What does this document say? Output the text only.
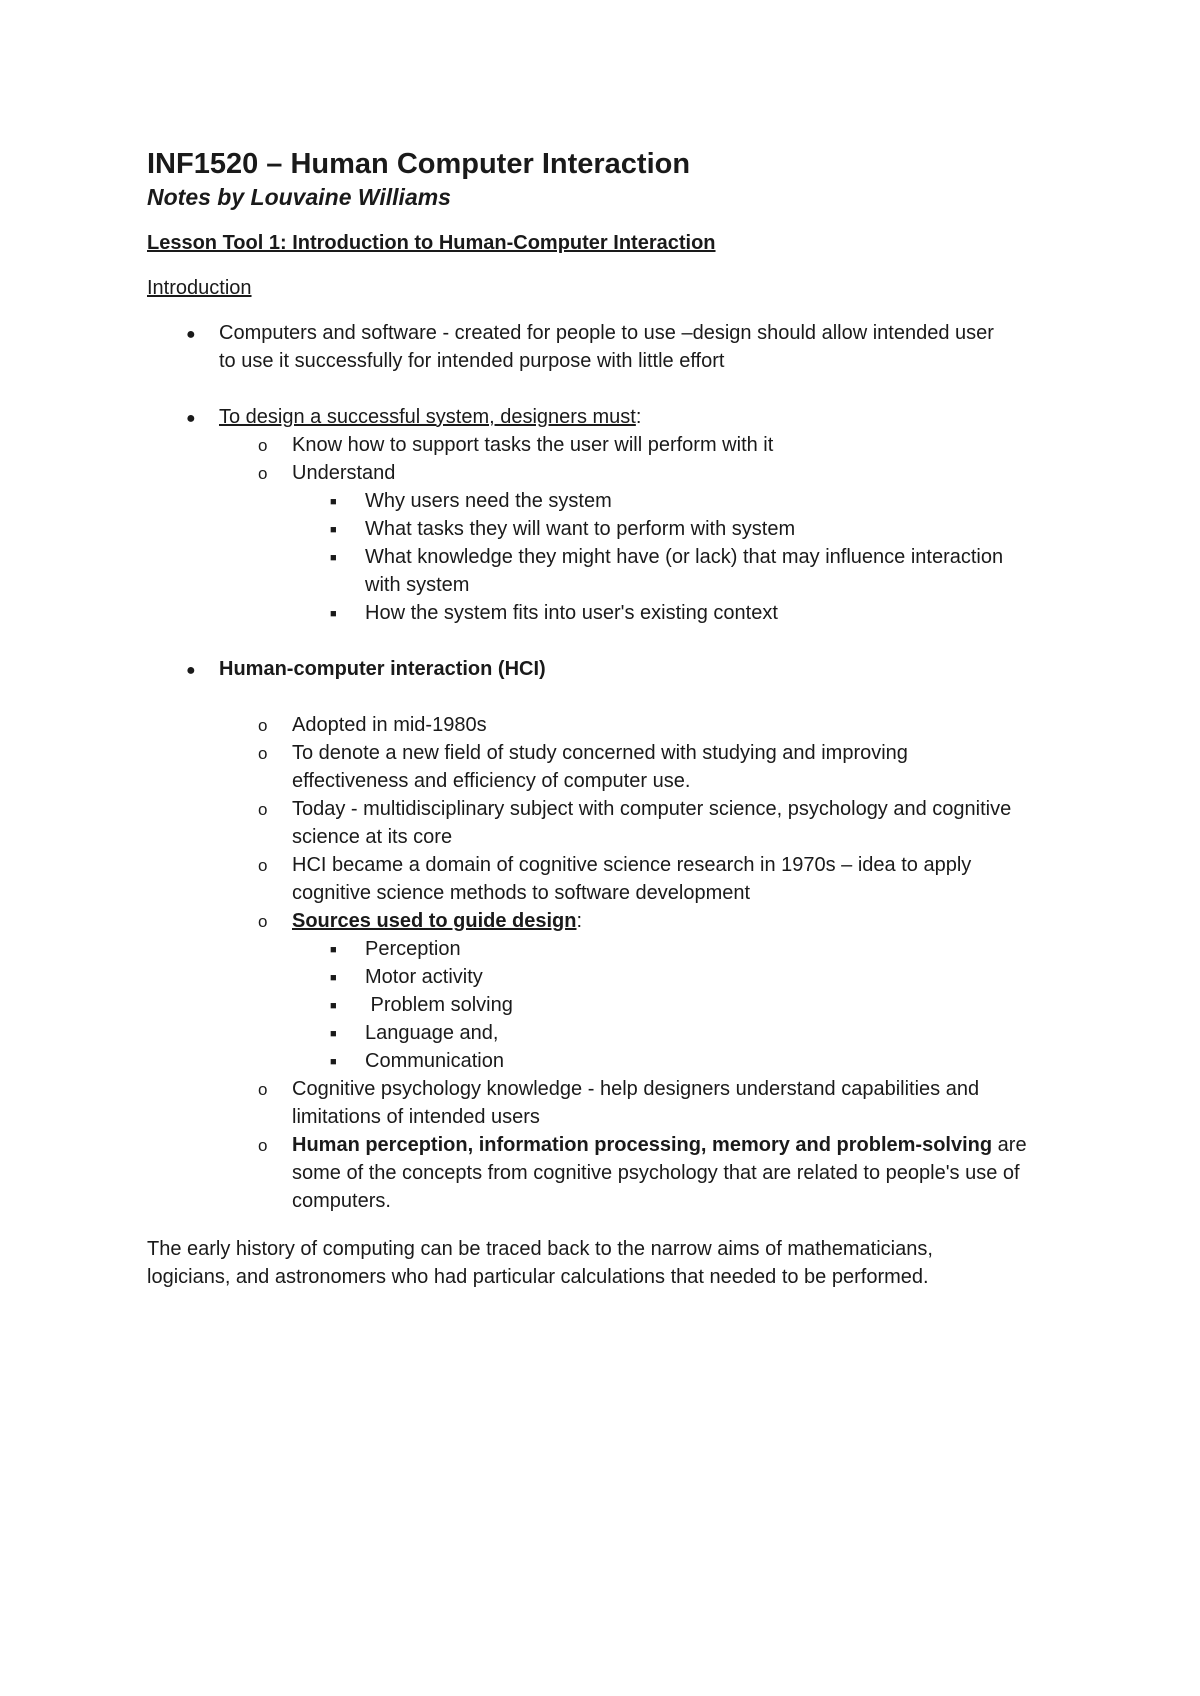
INF1520 – Human Computer Interaction
Notes by Louvaine Williams
Lesson Tool 1: Introduction to Human-Computer Interaction
Introduction
● Computers and software - created for people to use –design should allow intended user
to use it successfully for intended purpose with little effort
● To design a successful system, designers must:
o Know how to support tasks the user will perform with it
o Understand
■ Why users need the system
■ What tasks they will want to perform with system
■ What knowledge they might have (or lack) that may influence interaction
with system
■ How the system fits into user's existing context
● Human-computer interaction (HCI)
o Adopted in mid-1980s
o To denote a new field of study concerned with studying and improving
effectiveness and efficiency of computer use.
o Today - multidisciplinary subject with computer science, psychology and cognitive
science at its core
o HCI became a domain of cognitive science research in 1970s – idea to apply
cognitive science methods to software development
o Sources used to guide design:
■ Perception
■ Motor activity
■ Problem solving
■ Language and,
■ Communication
o Cognitive psychology knowledge - help designers understand capabilities and
limitations of intended users
o Human perception, information processing, memory and problem-solving are
some of the concepts from cognitive psychology that are related to people's use of
computers.
The early history of computing can be traced back to the narrow aims of mathematicians,
logicians, and astronomers who had particular calculations that needed to be performed.
